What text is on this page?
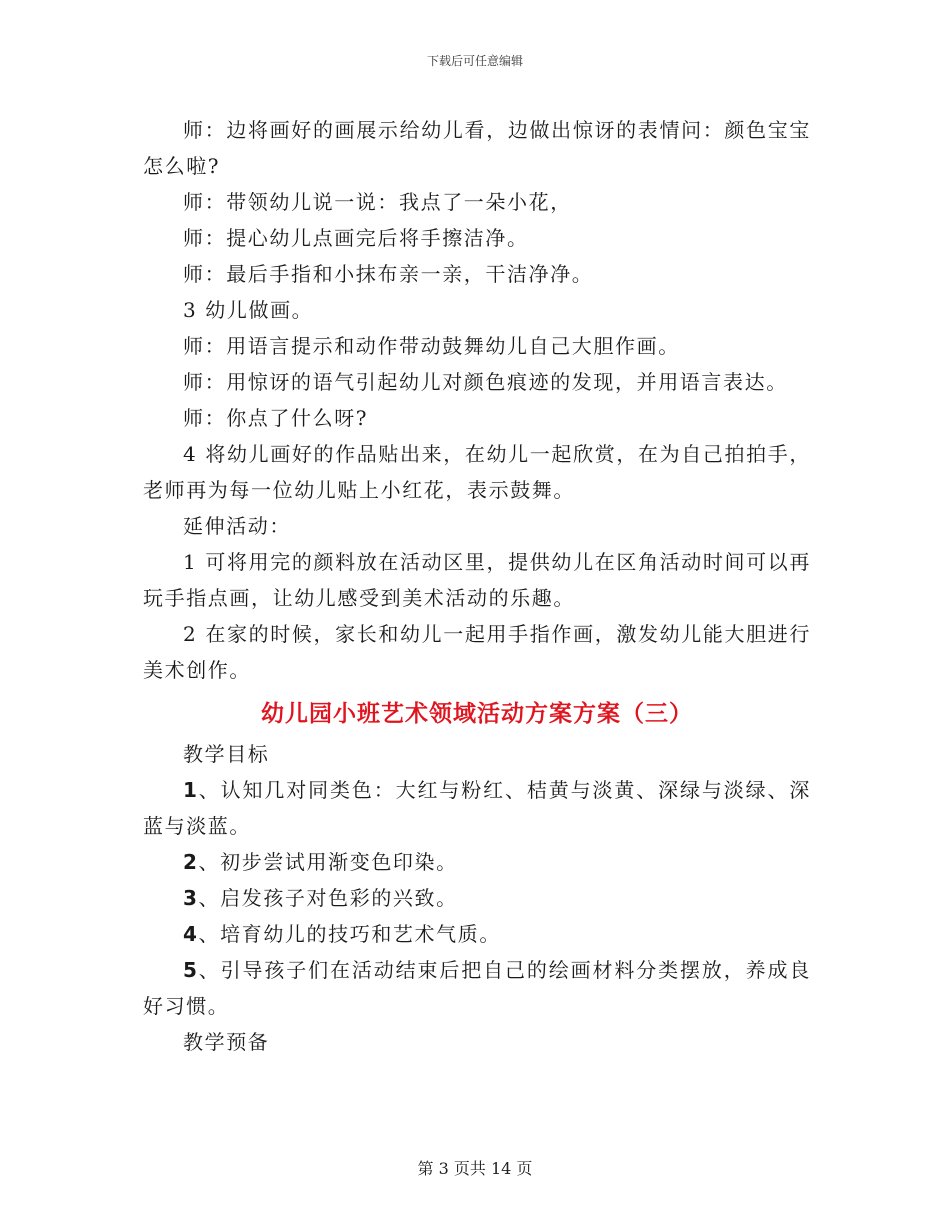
下载后可任意编辑

师：边将画好的画展示给幼儿看，边做出惊讶的表情问：颜色宝宝怎么啦?

师：带领幼儿说一说：我点了一朵小花，

师：提心幼儿点画完后将手擦洁净。

师：最后手指和小抹布亲一亲，干洁净净。

3 幼儿做画。

师：用语言提示和动作带动鼓舞幼儿自己大胆作画。

师：用惊讶的语气引起幼儿对颜色痕迹的发现，并用语言表达。

师：你点了什么呀?

4 将幼儿画好的作品贴出来，在幼儿一起欣赏，在为自己拍拍手，老师再为每一位幼儿贴上小红花，表示鼓舞。

延伸活动：

1 可将用完的颜料放在活动区里，提供幼儿在区角活动时间可以再玩手指点画，让幼儿感受到美术活动的乐趣。

2 在家的时候，家长和幼儿一起用手指作画，激发幼儿能大胆进行美术创作。

幼儿园小班艺术领域活动方案方案（三）

教学目标

1、认知几对同类色：大红与粉红、桔黄与淡黄、深绿与淡绿、深蓝与淡蓝。

2、初步尝试用渐变色印染。

3、启发孩子对色彩的兴致。

4、培育幼儿的技巧和艺术气质。

5、引导孩子们在活动结束后把自己的绘画材料分类摆放，养成良好习惯。

教学预备

第 3 页共 14 页
